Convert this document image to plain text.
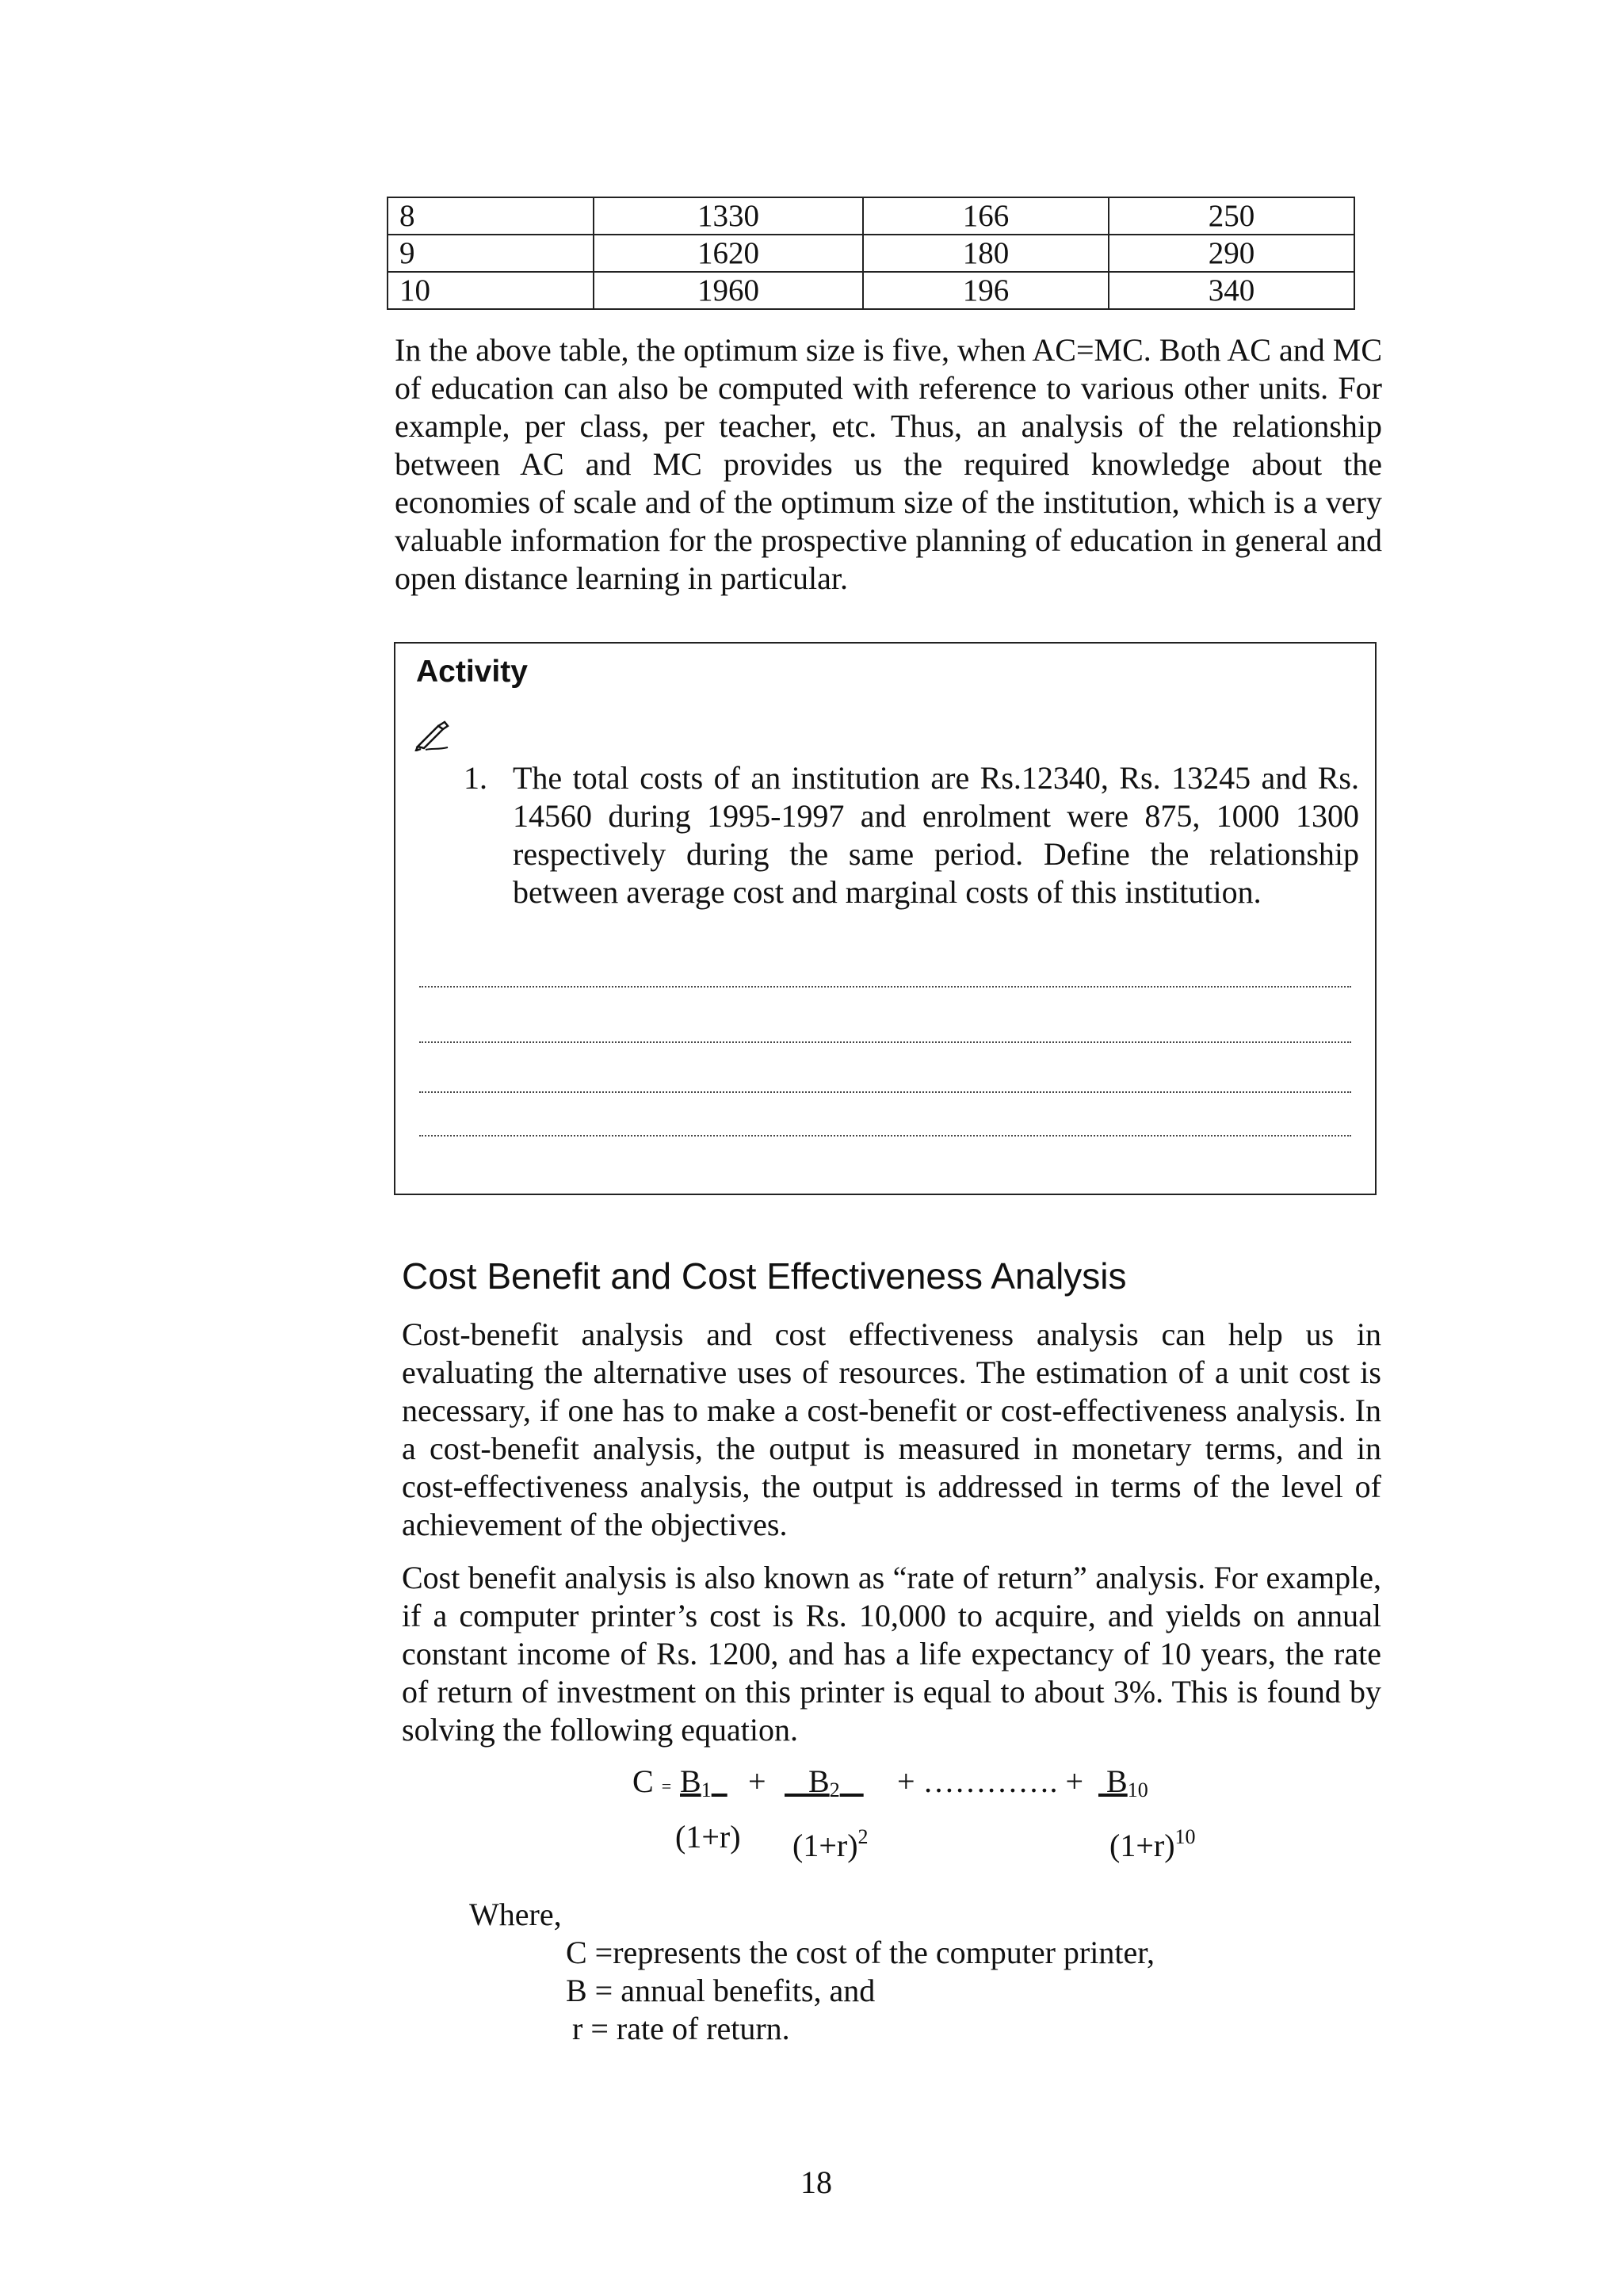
8	1330	166	250
9	1620	180	290
10	1960	196	340

In the above table, the optimum size is five, when AC=MC. Both AC and MC of education can also be computed with reference to various other units. For example, per class, per teacher, etc. Thus, an analysis of the relationship between AC and MC provides us the required knowledge about the economies of scale and of the optimum size of the institution, which is a very valuable information for the prospective planning of education in general and open distance learning in particular.

Activity
1. The total costs of an institution are Rs.12340, Rs. 13245 and Rs. 14560 during 1995-1997 and enrolment were 875, 1000 1300 respectively during the same period. Define the relationship between average cost and marginal costs of this institution.

Cost Benefit and Cost Effectiveness Analysis

Cost-benefit analysis and cost effectiveness analysis can help us in evaluating the alternative uses of resources. The estimation of a unit cost is necessary, if one has to make a cost-benefit or cost-effectiveness analysis. In a cost-benefit analysis, the output is measured in monetary terms, and in cost-effectiveness analysis, the output is addressed in terms of the level of achievement of the objectives.

Cost benefit analysis is also known as “rate of return” analysis. For example, if a computer printer’s cost is Rs. 10,000 to acquire, and yields on annual constant income of Rs. 1200, and has a life expectancy of 10 years, the rate of return of investment on this printer is equal to about 3%. This is found by solving the following equation.

$C = B_1$	+	$B_2$	+ …………. + $B_{10}$
(1+r) $(1+r)^2$	$(1+r)^{10}$
Where,
C =represents the cost of the computer printer,
B = annual benefits, and
r = rate of return.
18
